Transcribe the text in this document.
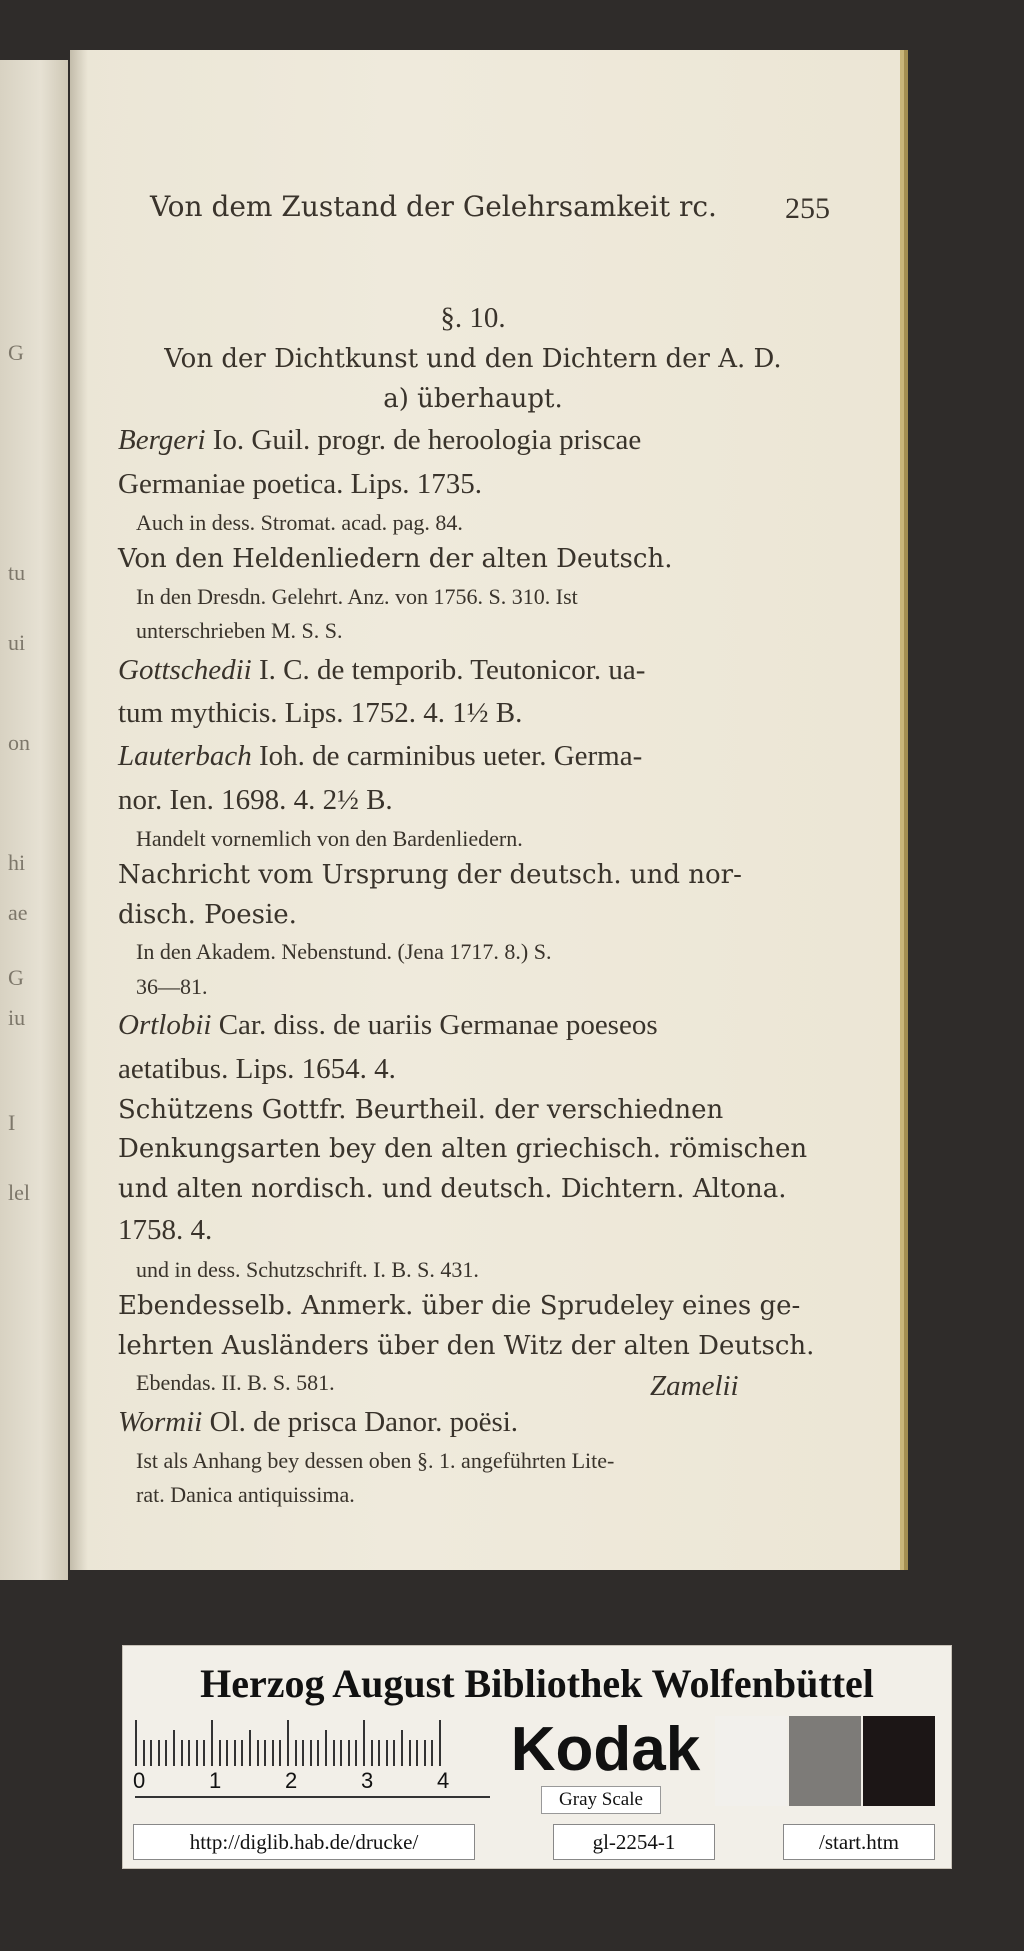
G
tu
ui
on
hi
ae
G
iu
I
lel
Von dem Zustand der Gelehrsamkeit rc. 255

§. 10.

Von der Dichtkunst und den Dichtern der A. D.

a) überhaupt.

Bergeri Io. Guil. progr. de heroologia priscae

Germaniae poetica. Lips. 1735.

Auch in dess. Stromat. acad. pag. 84.

Von den Heldenliedern der alten Deutsch.

In den Dresdn. Gelehrt. Anz. von 1756. S. 310. Ist

unterschrieben M. S. S.

Gottschedii I. C. de temporib. Teutonicor. ua-

tum mythicis. Lips. 1752. 4. 1½ B.

Lauterbach Ioh. de carminibus ueter. Germa-

nor. Ien. 1698. 4. 2½ B.

Handelt vornemlich von den Bardenliedern.

Nachricht vom Ursprung der deutsch. und nor-

disch. Poesie.

In den Akadem. Nebenstund. (Jena 1717. 8.) S.

36—81.

Ortlobii Car. diss. de uariis Germanae poeseos

aetatibus. Lips. 1654. 4.

Schützens Gottfr. Beurtheil. der verschiednen

Denkungsarten bey den alten griechisch. römischen

und alten nordisch. und deutsch. Dichtern. Altona.

1758. 4.

und in dess. Schutzschrift. I. B. S. 431.

Ebendesselb. Anmerk. über die Sprudeley eines ge-

lehrten Ausländers über den Witz der alten Deutsch.

Ebendas. II. B. S. 581.

Wormii Ol. de prisca Danor. poësi.

Ist als Anhang bey dessen oben §. 1. angeführten Lite-

rat. Danica antiquissima.

Zamelii
Herzog August Bibliothek Wolfenbüttel
0	1	2	3	4 Kodak
Gray Scale
http://diglib.hab.de/drucke/	gl-2254-1	/start.htm
